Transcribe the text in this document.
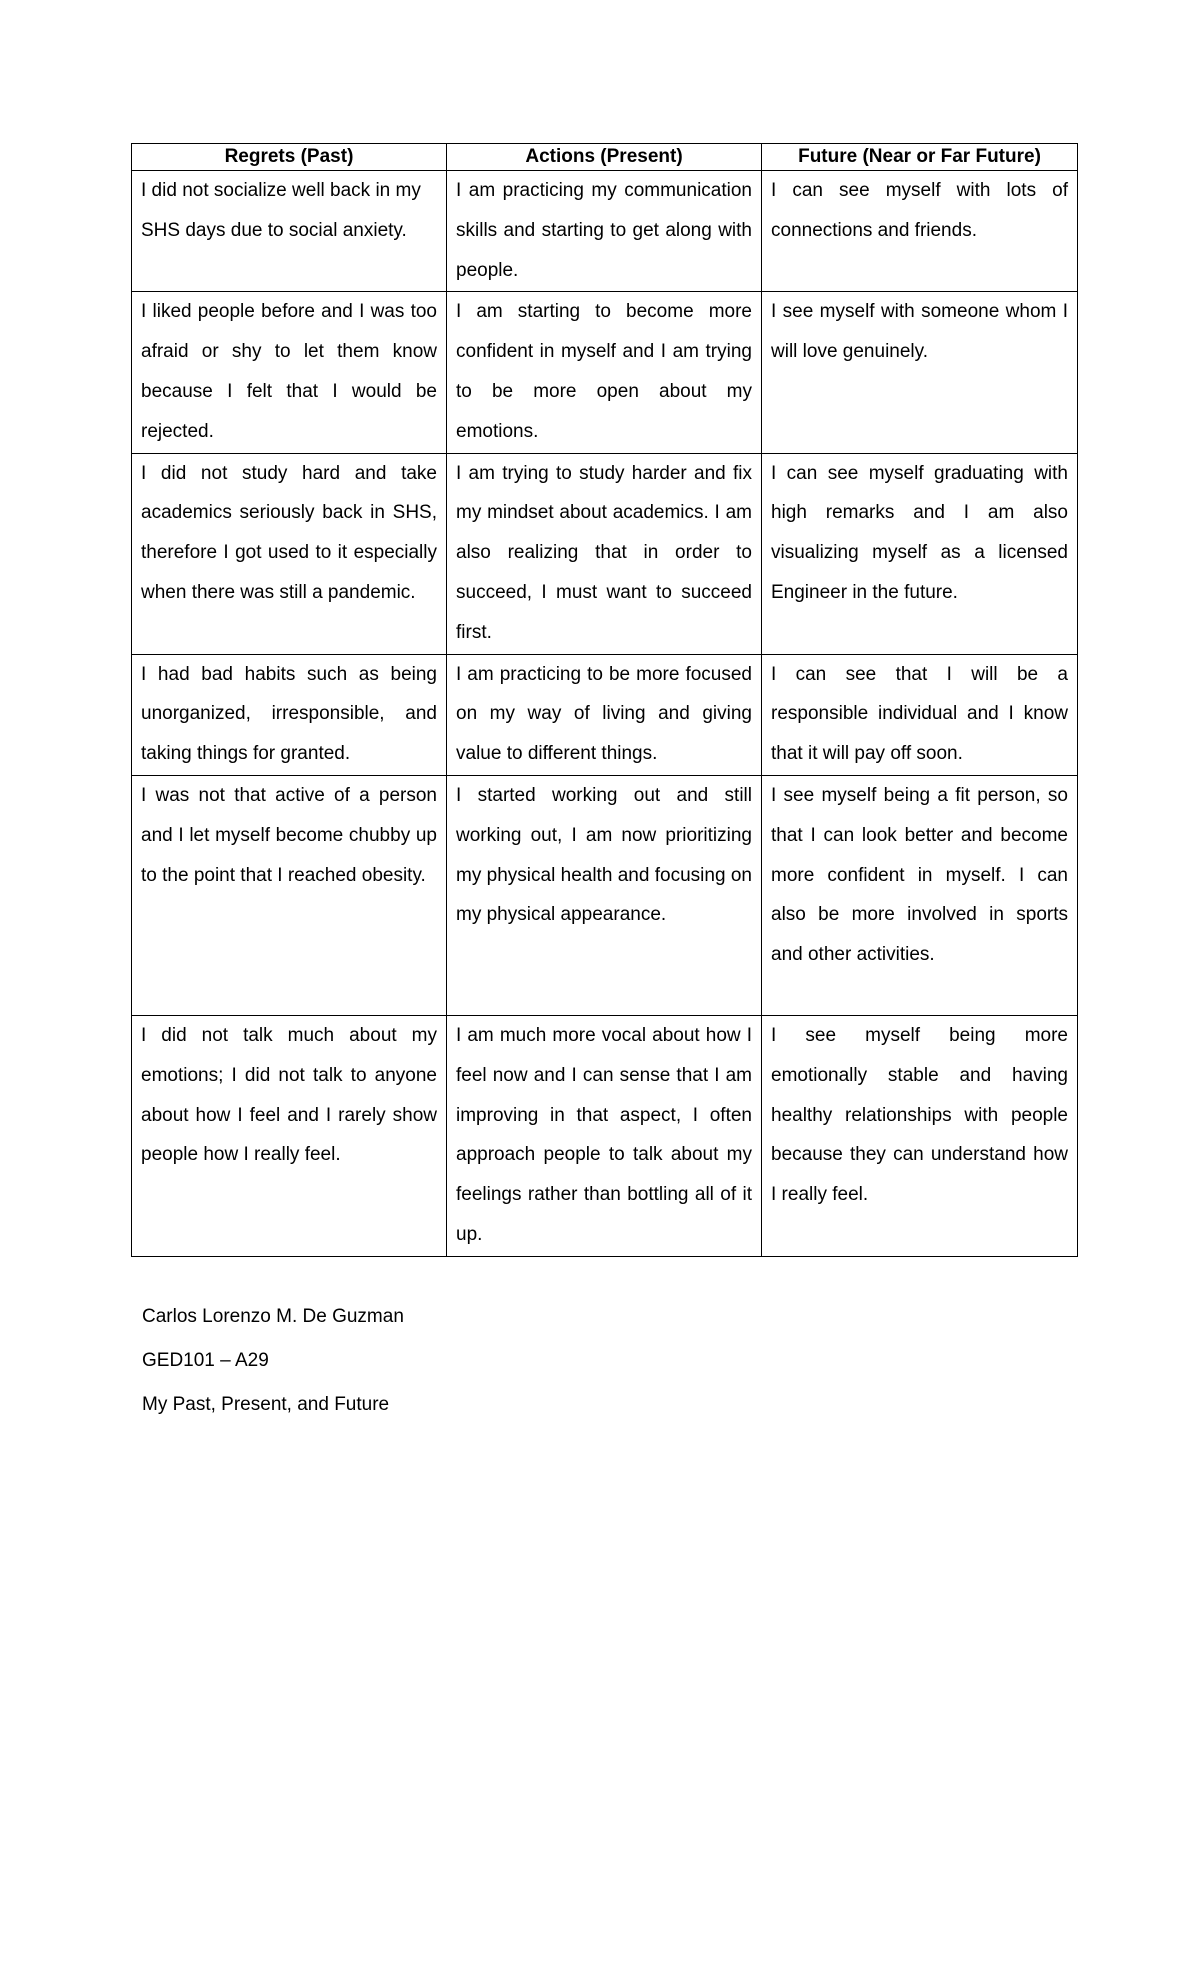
Regrets (Past)	Actions (Present)	Future (Near or Far Future)
I did not socialize well back in my SHS days due to social anxiety.	I am practicing my communication skills and starting to get along with people.	I can see myself with lots of connections and friends.
I liked people before and I was too afraid or shy to let them know because I felt that I would be rejected.	I am starting to become more confident in myself and I am trying to be more open about my emotions.	I see myself with someone whom I will love genuinely.
I did not study hard and take academics seriously back in SHS, therefore I got used to it especially when there was still a pandemic.	I am trying to study harder and fix my mindset about academics. I am also realizing that in order to succeed, I must want to succeed first.	I can see myself graduating with high remarks and I am also visualizing myself as a licensed Engineer in the future.
I had bad habits such as being unorganized, irresponsible, and taking things for granted.	I am practicing to be more focused on my way of living and giving value to different things.	I can see that I will be a responsible individual and I know that it will pay off soon.
I was not that active of a person and I let myself become chubby up to the point that I reached obesity.	I started working out and still working out, I am now prioritizing my physical health and focusing on my physical appearance.	I see myself being a fit person, so that I can look better and become more confident in myself. I can also be more involved in sports and other activities.
I did not talk much about my emotions; I did not talk to anyone about how I feel and I rarely show people how I really feel.	I am much more vocal about how I feel now and I can sense that I am improving in that aspect, I often approach people to talk about my feelings rather than bottling all of it up.	I see myself being more emotionally stable and having healthy relationships with people because they can understand how I really feel.
Carlos Lorenzo M. De Guzman
GED101 – A29
My Past, Present, and Future
